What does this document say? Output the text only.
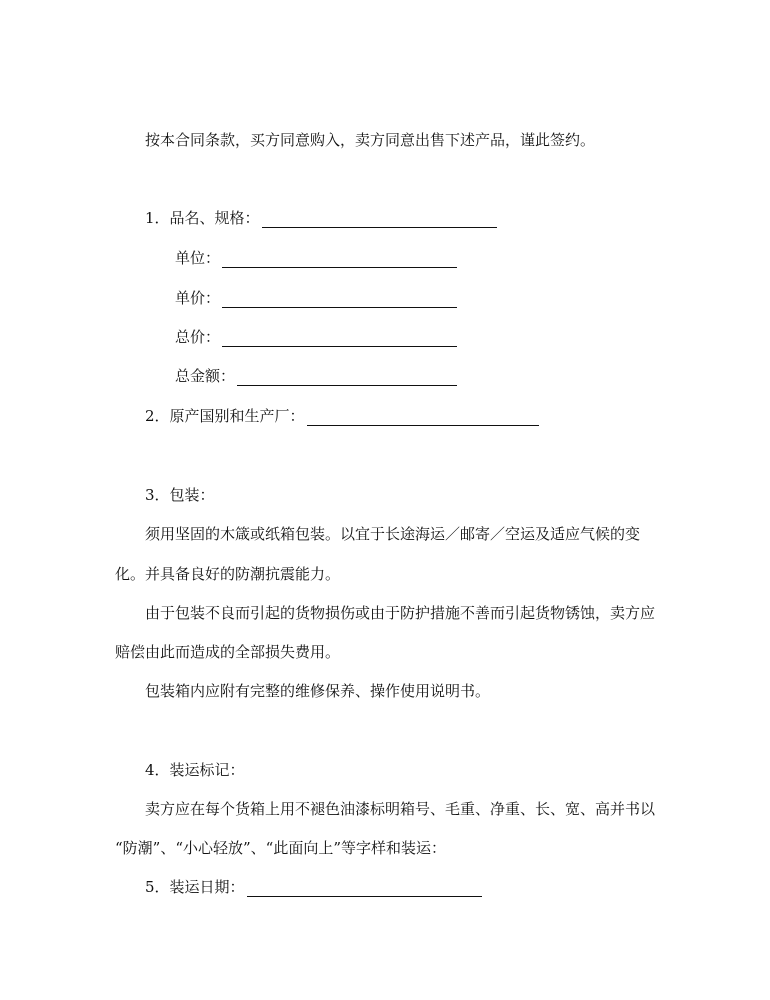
按本合同条款，买方同意购入，卖方同意出售下述产品，谨此签约。
1．品名、规格：
单位：
单价：
总价：
总金额：
2．原产国别和生产厂：
3．包装：
须用坚固的木箴或纸箱包装。以宜于长途海运／邮寄／空运及适应气候的变
化。并具备良好的防潮抗震能力。
由于包装不良而引起的货物损伤或由于防护措施不善而引起货物锈蚀，卖方应
赔偿由此而造成的全部损失费用。
包装箱内应附有完整的维修保养、操作使用说明书。
4．装运标记：
卖方应在每个货箱上用不褪色油漆标明箱号、毛重、净重、长、宽、高并书以
“防潮”、“小心轻放”、“此面向上”等字样和装运：
5．装运日期：
